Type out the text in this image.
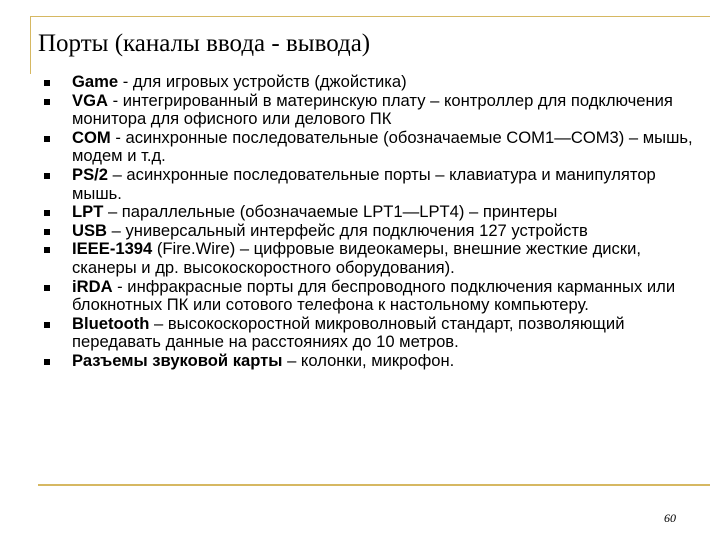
Порты (каналы ввода - вывода)
Game - для игровых устройств (джойстика)
VGA - интегрированный в материнскую плату – контроллер для подключения монитора для офисного или делового ПК
COM - асинхронные последовательные (обозначаемые COM1—COM3) – мышь, модем и т.д.
PS/2 – асинхронные последовательные порты – клавиатура и манипулятор мышь.
LPT – параллельные (обозначаемые LPT1—LPT4) – принтеры
USB – универсальный интерфейс для подключения 127 устройств
IEEE-1394 (Fire.Wire) – цифровые видеокамеры, внешние жесткие диски, сканеры и др. высокоскоростного оборудования).
iRDA - инфракрасные порты для беспроводного подключения карманных или блокнотных ПК или сотового телефона к настольному компьютеру.
Bluetooth – высокоскоростной микроволновый стандарт, позволяющий передавать данные на расстояниях до 10 метров.
Разъемы звуковой карты – колонки, микрофон.
60
